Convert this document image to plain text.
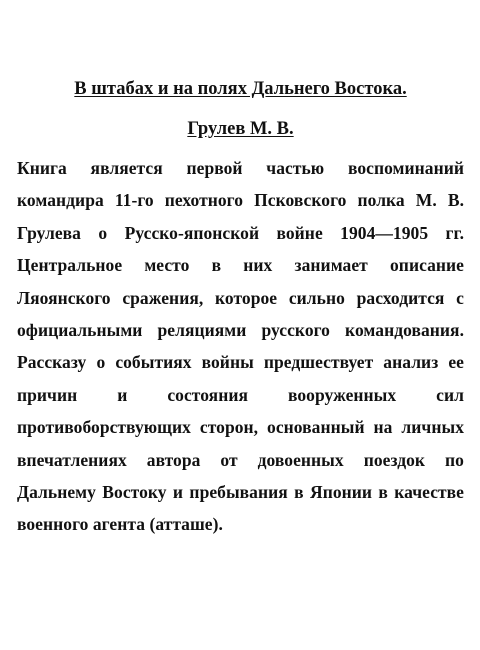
В штабах и на полях Дальнего Востока.
Грулев М. В.

Книга является первой частью воспоминаний командира 11-го пехотного Псковского полка М. В. Грулева о Русско-японской войне 1904—1905 гг. Центральное место в них занимает описание Ляоянского сражения, которое сильно расходится с официальными реляциями русского командования. Рассказу о событиях войны предшествует анализ ее причин и состояния вооруженных сил противоборствующих сторон, основанный на личных впечатлениях автора от довоенных поездок по Дальнему Востоку и пребывания в Японии в качестве военного агента (атташе).
